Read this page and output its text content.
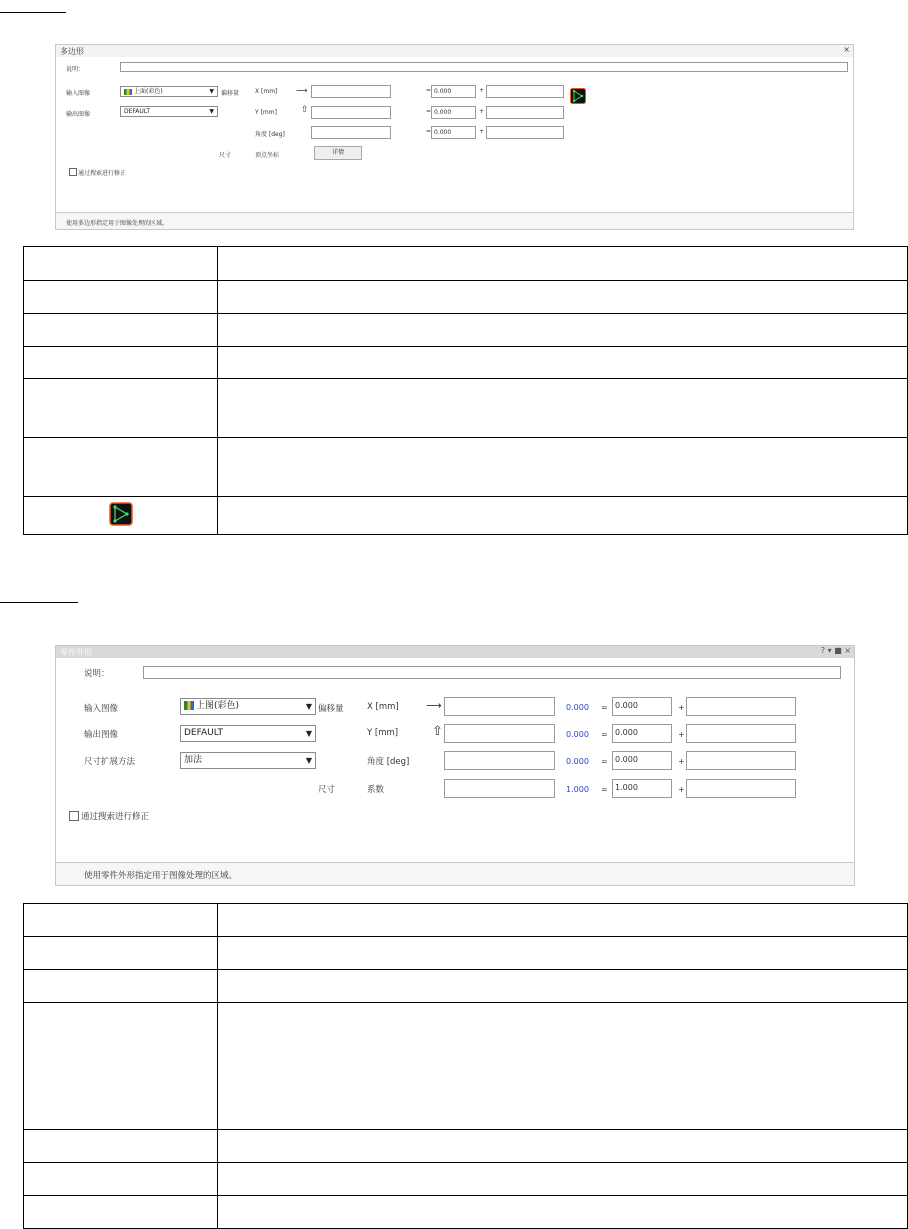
多边形	×
说明：
输入图像	上面(彩色)	▼ 偏移量
输出图像	DEFAULT	▼
X [mm] ⟶	= 0.000	+
Y [mm]	⇧	= 0.000	+
角度 [deg]	= 0.000	+
尺寸	顶点坐标	详情
通过搜索进行修正
使用多边形指定用于图像处理的区域。

零件外形	? ▾ ■ ×
说明：
输入图像	上图(彩色)	▼ 偏移量
输出图像	DEFAULT	▼
尺寸扩展方法	加法	▼
X [mm] ⟶	0.000 = 0.000	+
Y [mm]	⇧	0.000 = 0.000	+
角度 [deg]	0.000 = 0.000	+
尺寸	系数	1.000 = 1.000	+
通过搜索进行修正
使用零件外形指定用于图像处理的区域。
